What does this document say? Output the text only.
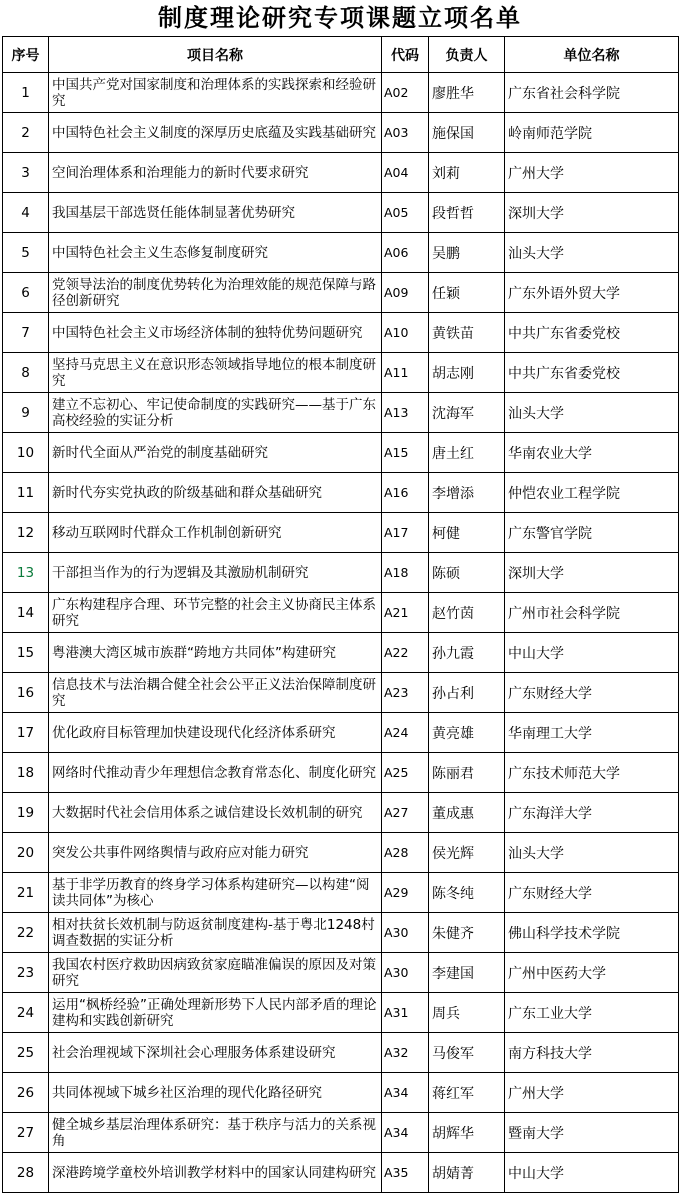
制度理论研究专项课题立项名单
序号	项目名称	代码	负责人	单位名称
1	中国共产党对国家制度和治理体系的实践探索和经验研究	A02	廖胜华	广东省社会科学院
2	中国特色社会主义制度的深厚历史底蕴及实践基础研究	A03	施保国	岭南师范学院
3	空间治理体系和治理能力的新时代要求研究	A04	刘莉	广州大学
4	我国基层干部选贤任能体制显著优势研究	A05	段哲哲	深圳大学
5	中国特色社会主义生态修复制度研究	A06	吴鹏	汕头大学
6	党领导法治的制度优势转化为治理效能的规范保障与路径创新研究	A09	任颖	广东外语外贸大学
7	中国特色社会主义市场经济体制的独特优势问题研究	A10	黄铁苗	中共广东省委党校
8	坚持马克思主义在意识形态领域指导地位的根本制度研究	A11	胡志刚	中共广东省委党校
9	建立不忘初心、牢记使命制度的实践研究——基于广东高校经验的实证分析	A13	沈海军	汕头大学
10	新时代全面从严治党的制度基础研究	A15	唐土红	华南农业大学
11	新时代夯实党执政的阶级基础和群众基础研究	A16	李增添	仲恺农业工程学院
12	移动互联网时代群众工作机制创新研究	A17	柯健	广东警官学院
13	干部担当作为的行为逻辑及其激励机制研究	A18	陈硕	深圳大学
14	广东构建程序合理、环节完整的社会主义协商民主体系研究	A21	赵竹茵	广州市社会科学院
15	粤港澳大湾区城市族群“跨地方共同体”构建研究	A22	孙九霞	中山大学
16	信息技术与法治耦合健全社会公平正义法治保障制度研究	A23	孙占利	广东财经大学
17	优化政府目标管理加快建设现代化经济体系研究	A24	黄亮雄	华南理工大学
18	网络时代推动青少年理想信念教育常态化、制度化研究	A25	陈丽君	广东技术师范大学
19	大数据时代社会信用体系之诚信建设长效机制的研究	A27	董成惠	广东海洋大学
20	突发公共事件网络舆情与政府应对能力研究	A28	侯光辉	汕头大学
21	基于非学历教育的终身学习体系构建研究—以构建“阅读共同体”为核心	A29	陈冬纯	广东财经大学
22	相对扶贫长效机制与防返贫制度建构-基于粤北1248村调查数据的实证分析	A30	朱健齐	佛山科学技术学院
23	我国农村医疗救助因病致贫家庭瞄准偏误的原因及对策研究	A30	李建国	广州中医药大学
24	运用“枫桥经验”正确处理新形势下人民内部矛盾的理论建构和实践创新研究	A31	周兵	广东工业大学
25	社会治理视域下深圳社会心理服务体系建设研究	A32	马俊军	南方科技大学
26	共同体视域下城乡社区治理的现代化路径研究	A34	蒋红军	广州大学
27	健全城乡基层治理体系研究：基于秩序与活力的关系视角	A34	胡辉华	暨南大学
28	深港跨境学童校外培训教学材料中的国家认同建构研究	A35	胡婧菁	中山大学
